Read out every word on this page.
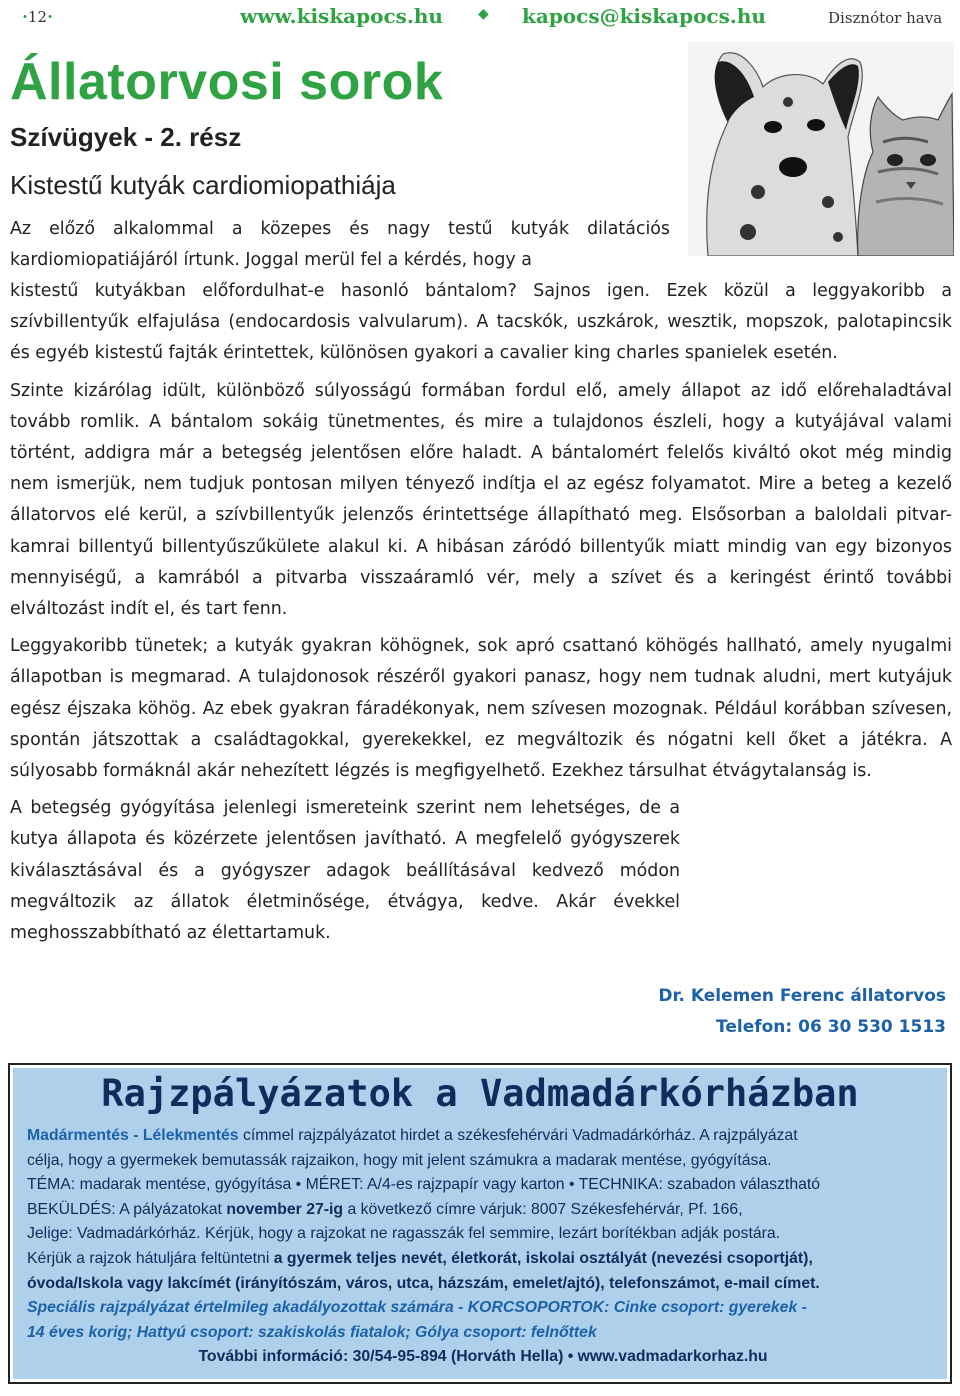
•12•	www.kiskapocs.hu	◆ kapocs@kiskapocs.hu	Disznótor hava
Állatorvosi sorok
Szívügyek - 2. rész
Kistestű kutyák cardiomiopathiája
Az előző alkalommal a közepes és nagy testű kutyák dilatációs kardiomiopatiájáról írtunk. Joggal merül fel a kérdés, hogy a

kistestű kutyákban előfordulhat-e hasonló bántalom? Sajnos igen. Ezek közül a leggyakoribb a szívbillentyűk elfajulása (endocardosis valvularum). A tacskók, uszkárok, wesztik, mopszok, palotapincsik és egyéb kistestű fajták érintettek, különösen gyakori a cavalier king charles spanielek esetén.

Szinte kizárólag idült, különböző súlyosságú formában fordul elő, amely állapot az idő előrehaladtával tovább romlik. A bántalom sokáig tünetmentes, és mire a tulajdonos észleli, hogy a kutyájával valami történt, addigra már a betegség jelentősen előre haladt. A bántalomért felelős kiváltó okot még mindig nem ismerjük, nem tudjuk pontosan milyen tényező indítja el az egész folyamatot. Mire a beteg a kezelő állatorvos elé kerül, a szívbillentyűk jelenzős érintettsége állapítható meg. Elsősorban a baloldali pitvar-kamrai billentyű billentyűszűkülete alakul ki. A hibásan záródó billentyűk miatt mindig van egy bizonyos mennyiségű, a kamrából a pitvarba visszaáramló vér, mely a szívet és a keringést érintő további elváltozást indít el, és tart fenn.

Leggyakoribb tünetek; a kutyák gyakran köhögnek, sok apró csattanó köhögés hallható, amely nyugalmi állapotban is megmarad. A tulajdonosok részéről gyakori panasz, hogy nem tudnak aludni, mert kutyájuk egész éjszaka köhög. Az ebek gyakran fáradékonyak, nem szívesen mozognak. Például korábban szívesen, spontán játszottak a családtagokkal, gyerekekkel, ez megváltozik és nógatni kell őket a játékra. A súlyosabb formáknál akár nehezített légzés is megfigyelhető. Ezekhez társulhat étvágytalanság is.

A betegség gyógyítása jelenlegi ismereteink szerint nem lehetséges, de a kutya állapota és közérzete jelentősen javítható. A megfelelő gyógyszerek kiválasztásával és a gyógyszer adagok beállításával kedvező módon megváltozik az állatok életminősége, étvágya, kedve. Akár évekkel meghosszabbítható az élettartamuk.

Dr. Kelemen Ferenc állatorvos
Telefon: 06 30 530 1513
Rajzpályázatok a Vadmadárkórházban
Madármentés - Lélekmentés címmel rajzpályázatot hirdet a székesfehérvári Vadmadárkórház. A rajzpályázat
célja, hogy a gyermekek bemutassák rajzaikon, hogy mit jelent számukra a madarak mentése, gyógyítása.
TÉMA: madarak mentése, gyógyítása • MÉRET: A/4-es rajzpapír vagy karton • TECHNIKA: szabadon választható
BEKÜLDÉS: A pályázatokat november 27-ig a következő címre várjuk: 8007 Székesfehérvár, Pf. 166,
Jelige: Vadmadárkórház. Kérjük, hogy a rajzokat ne ragasszák fel semmire, lezárt borítékban adják postára.
Kérjük a rajzok hátuljára feltüntetni a gyermek teljes nevét, életkorát, iskolai osztályát (nevezési csoportját),
óvoda/Iskola vagy lakcímét (irányítószám, város, utca, házszám, emelet/ajtó), telefonszámot, e-mail címet.
Speciális rajzpályázat értelmileg akadályozottak számára - KORCSOPORTOK: Cinke csoport: gyerekek -
14 éves korig; Hattyú csoport: szakiskolás fiatalok; Gólya csoport: felnőttek
További információ: 30/54-95-894 (Horváth Hella) • www.vadmadarkorhaz.hu
